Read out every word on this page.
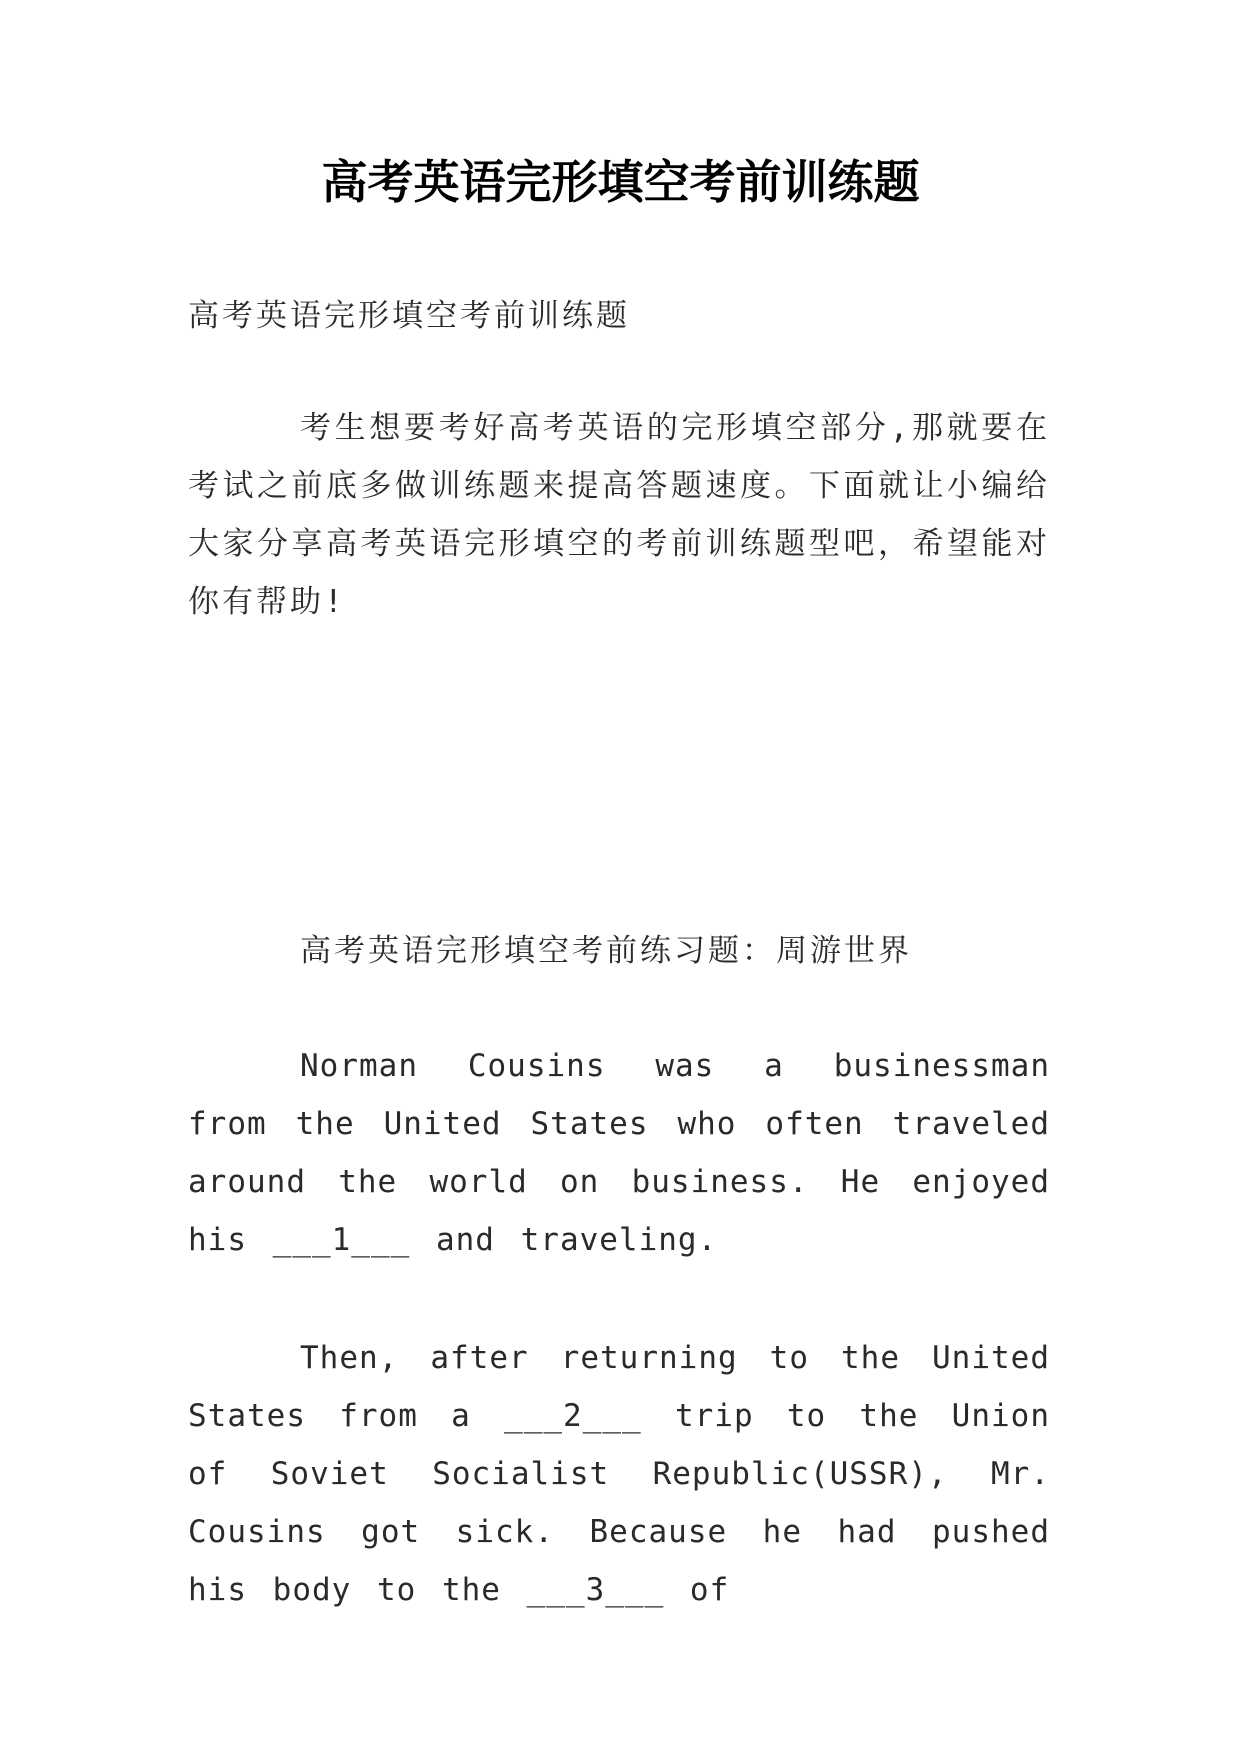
高考英语完形填空考前训练题
高考英语完形填空考前训练题
考生想要考好高考英语的完形填空部分,那就要在考试之前底多做训练题来提高答题速度。下面就让小编给大家分享高考英语完形填空的考前训练题型吧，希望能对你有帮助!
高考英语完形填空考前练习题：周游世界
Norman Cousins was a businessman from the United States who often traveled around the world on business. He enjoyed his ___1___ and traveling.
Then, after returning to the United States from a ___2___ trip to the Union of Soviet Socialist Republic(USSR), Mr. Cousins got sick. Because he had pushed his body to the ___3___ of
